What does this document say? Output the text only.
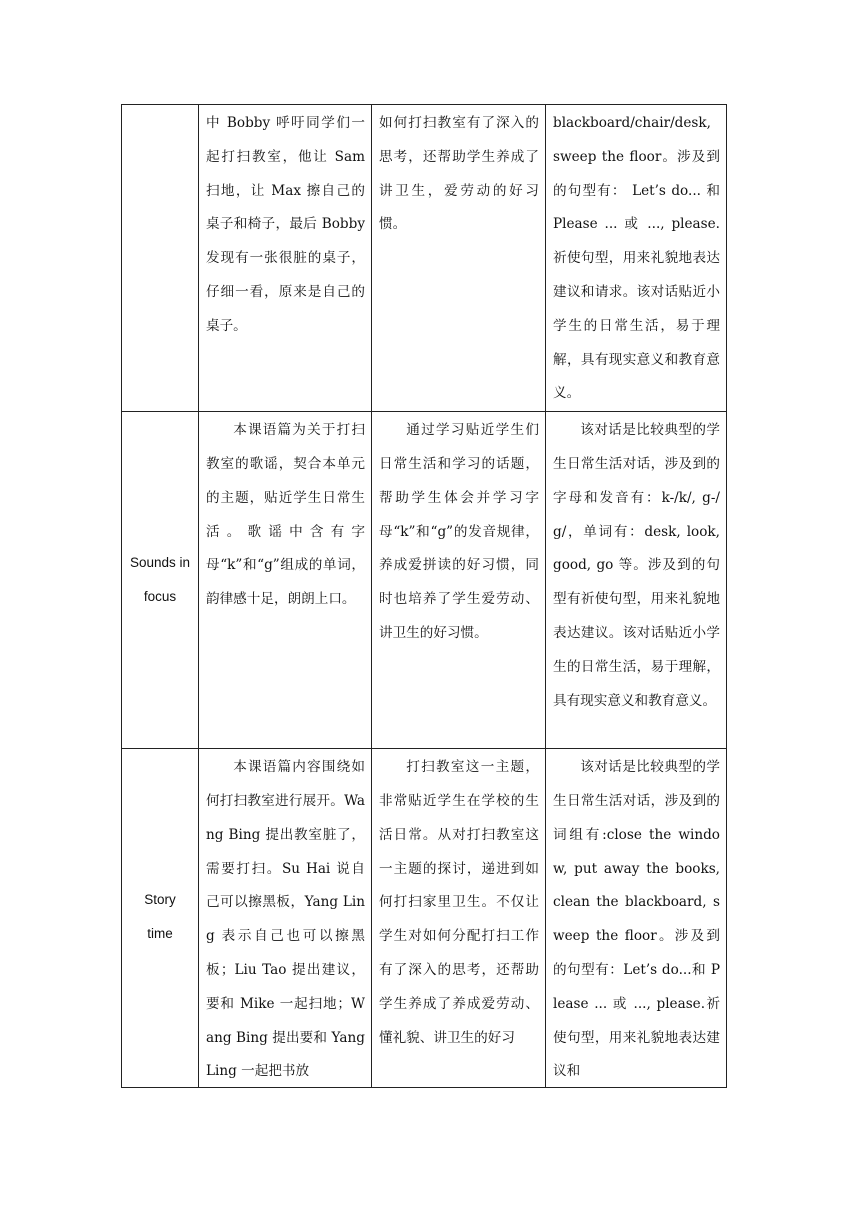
	中 Bobby 呼吁同学们一起打扫教室，他让 Sam 扫地，让 Max 擦自己的桌子和椅子，最后 Bobby 发现有一张很脏的桌子，仔细一看，原来是自己的桌子。	如何打扫教室有了深入的思考，还帮助学生养成了讲卫生，爱劳动的好习惯。	blackboard/chair/desk, sweep the floor。涉及到的句型有： Let’s do... 和 Please ... 或 ..., please.祈使句型，用来礼貌地表达建议和请求。该对话贴近小学生的日常生活，易于理解，具有现实意义和教育意义。

Sounds in
focus	本课语篇为关于打扫教室的歌谣，契合本单元的主题，贴近学生日常生活。歌谣中含有字母“k”和“g”组成的单词，韵律感十足，朗朗上口。	通过学习贴近学生们日常生活和学习的话题，帮助学生体会并学习字母“k”和“g”的发音规律，养成爱拼读的好习惯，同时也培养了学生爱劳动、讲卫生的好习惯。	该对话是比较典型的学生日常生活对话，涉及到的字母和发音有：k-/k/, g-/g/，单词有：desk, look, good, go 等。涉及到的句型有祈使句型，用来礼貌地表达建议。该对话贴近小学生的日常生活，易于理解，具有现实意义和教育意义。

Story
time	本课语篇内容围绕如何打扫教室进行展开。Wang Bing 提出教室脏了，需要打扫。Su Hai 说自己可以擦黑板，Yang Ling 表示自己也可以擦黑板；Liu Tao 提出建议，要和 Mike 一起扫地；Wang Bing 提出要和 Yang Ling 一起把书放	打扫教室这一主题，非常贴近学生在学校的生活日常。从对打扫教室这一主题的探讨，递进到如何打扫家里卫生。不仅让学生对如何分配打扫工作有了深入的思考，还帮助学生养成了养成爱劳动、懂礼貌、讲卫生的好习	该对话是比较典型的学生日常生活对话，涉及到的词组有:close the window, put away the books, clean the blackboard, sweep the floor。涉及到的句型有：Let’s do...和 Please ... 或 ..., please.祈使句型，用来礼貌地表达建议和
